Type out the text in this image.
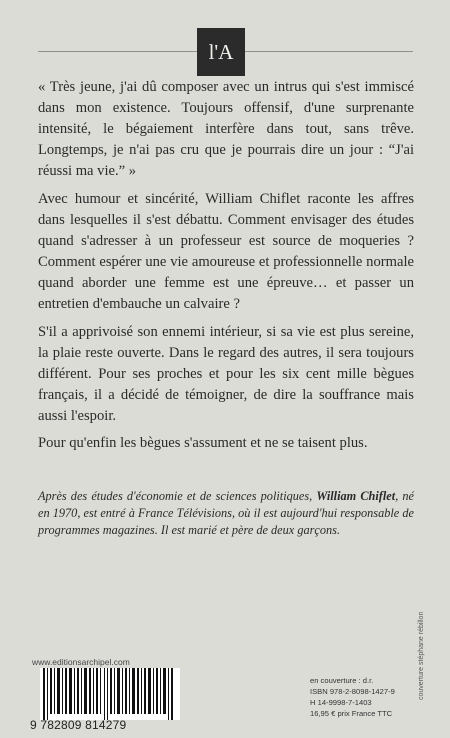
l'A

« Très jeune, j'ai dû composer avec un intrus qui s'est immiscé dans mon existence. Toujours offensif, d'une surprenante intensité, le bégaiement interfère dans tout, sans trêve. Longtemps, je n'ai pas cru que je pourrais dire un jour : “J'ai réussi ma vie.” »

Avec humour et sincérité, William Chiflet raconte les affres dans lesquelles il s'est débattu. Comment envisager des études quand s'adresser à un professeur est source de moqueries ? Comment espérer une vie amoureuse et professionnelle normale quand aborder une femme est une épreuve… et passer un entretien d'embauche un calvaire ?

S'il a apprivoisé son ennemi intérieur, si sa vie est plus sereine, la plaie reste ouverte. Dans le regard des autres, il sera toujours différent. Pour ses proches et pour les six cent mille bègues français, il a décidé de témoigner, de dire la souffrance mais aussi l'espoir.

Pour qu'enfin les bègues s'assument et ne se taisent plus.

Après des études d'économie et de sciences politiques, William Chiflet, né en 1970, est entré à France Télévisions, où il est aujourd'hui responsable de programmes magazines. Il est marié et père de deux garçons.
www.editionsarchipel.com
9 782809 814279
en couverture : d.r.
ISBN 978-2-8098-1427-9
H 14-9998-7-1403
16,95 € prix France TTC
couverture stéphane rébillon
